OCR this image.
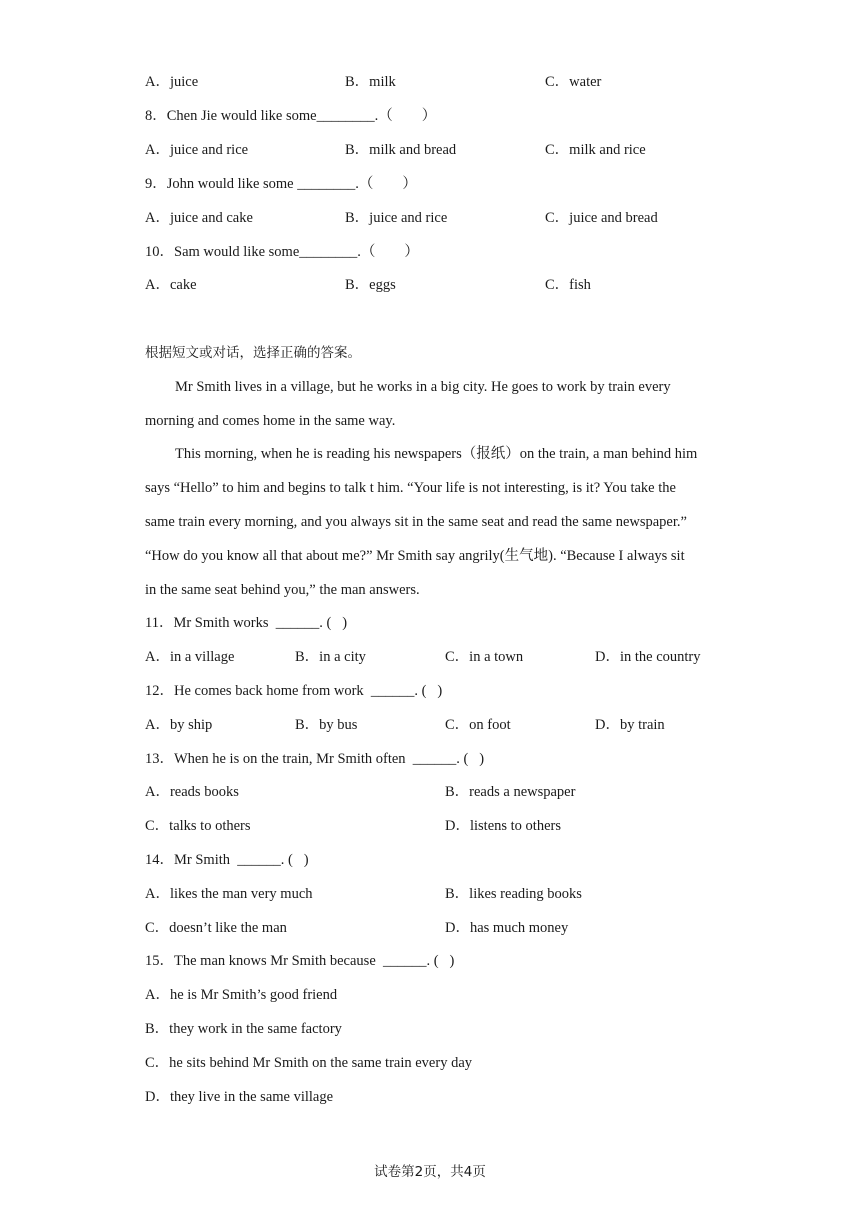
A．juice	B．milk	C．water
8．Chen Jie would like some________.（　　）
A．juice and rice	B．milk and bread	C．milk and rice
9．John would like some ________.（　　）
A．juice and cake	B．juice and rice	C．juice and bread
10．Sam would like some________.（　　）
A．cake	B．eggs	C．fish
根据短文或对话，选择正确的答案。
Mr Smith lives in a village, but he works in a big city. He goes to work by train every
morning and comes home in the same way.
This morning, when he is reading his newspapers（报纸）on the train, a man behind him
says “Hello” to him and begins to talk t him. “Your life is not interesting, is it? You take the
same train every morning, and you always sit in the same seat and read the same newspaper.”
“How do you know all that about me?” Mr Smith say angrily(生气地). “Because I always sit
in the same seat behind you,” the man answers.
11．Mr Smith works  ______. (   )
A．in a village	B．in a city	C．in a town	D．in the country
12．He comes back home from work  ______. (   )
A．by ship	B．by bus	C．on foot	D．by train
13．When he is on the train, Mr Smith often  ______. (   )
A．reads books	B．reads a newspaper
C．talks to others	D．listens to others
14．Mr Smith  ______. (   )
A．likes the man very much	B．likes reading books
C．doesn’t like the man	D．has much money
15．The man knows Mr Smith because  ______. (   )
A．he is Mr Smith’s good friend
B．they work in the same factory
C．he sits behind Mr Smith on the same train every day
D．they live in the same village
试卷第2页，共4页
